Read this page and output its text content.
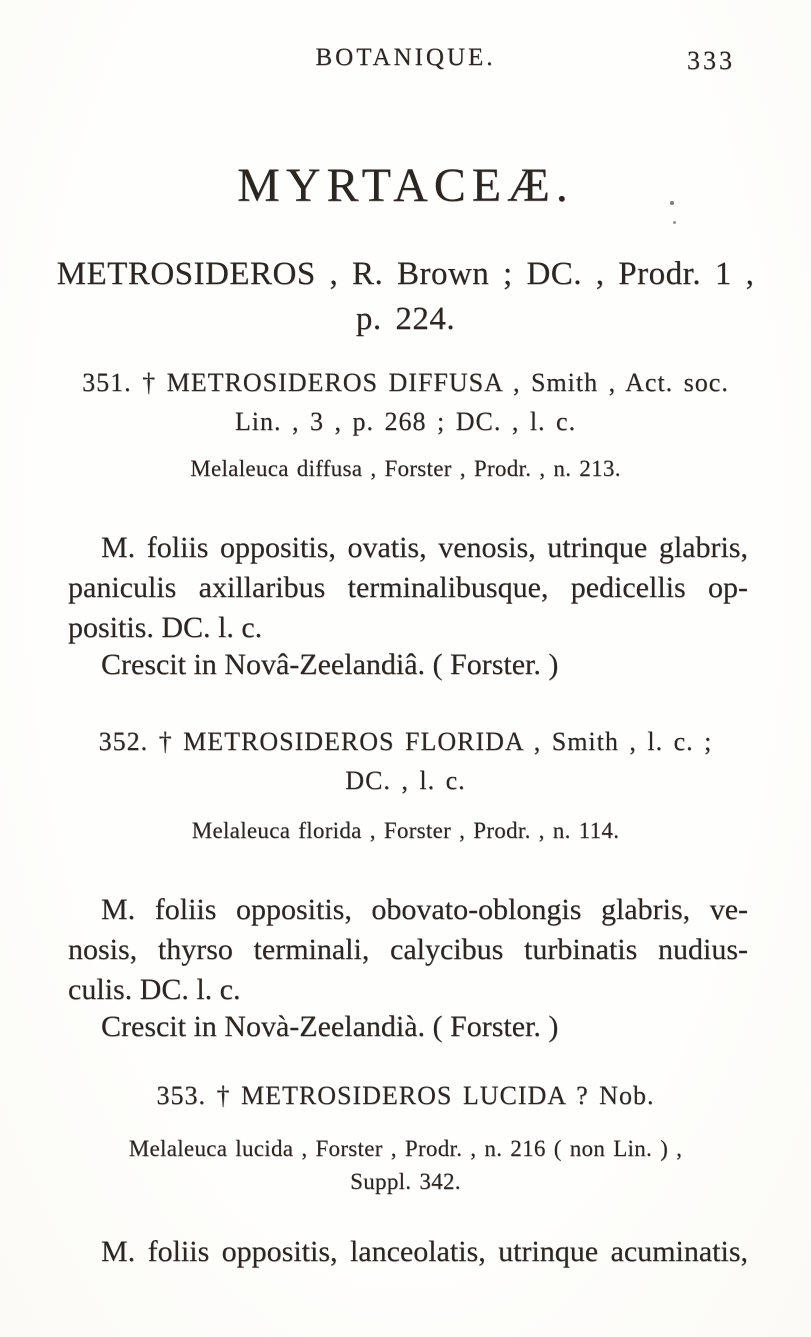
BOTANIQUE.	333
MYRTACEÆ.
METROSIDEROS , R. Brown ; DC. , Prodr. 1 ,
p. 224.
351. † METROSIDEROS DIFFUSA , Smith , Act. soc.
Lin. , 3 , p. 268 ; DC. , l. c.
Melaleuca diffusa , Forster , Prodr. , n. 213.
M. foliis oppositis, ovatis, venosis, utrinque glabris,
paniculis axillaribus terminalibusque, pedicellis op-
positis. DC. l. c.
Crescit in Novâ-Zeelandiâ. ( Forster. )
352. † METROSIDEROS FLORIDA , Smith , l. c. ;
DC. , l. c.
Melaleuca florida , Forster , Prodr. , n. 114.
M. foliis oppositis, obovato-oblongis glabris, ve-
nosis, thyrso terminali, calycibus turbinatis nudius-
culis. DC. l. c.
Crescit in Novà-Zeelandià. ( Forster. )
353. † METROSIDEROS LUCIDA ? Nob.
Melaleuca lucida , Forster , Prodr. , n. 216 ( non Lin. ) ,
Suppl. 342.
M. foliis oppositis, lanceolatis, utrinque acuminatis,
